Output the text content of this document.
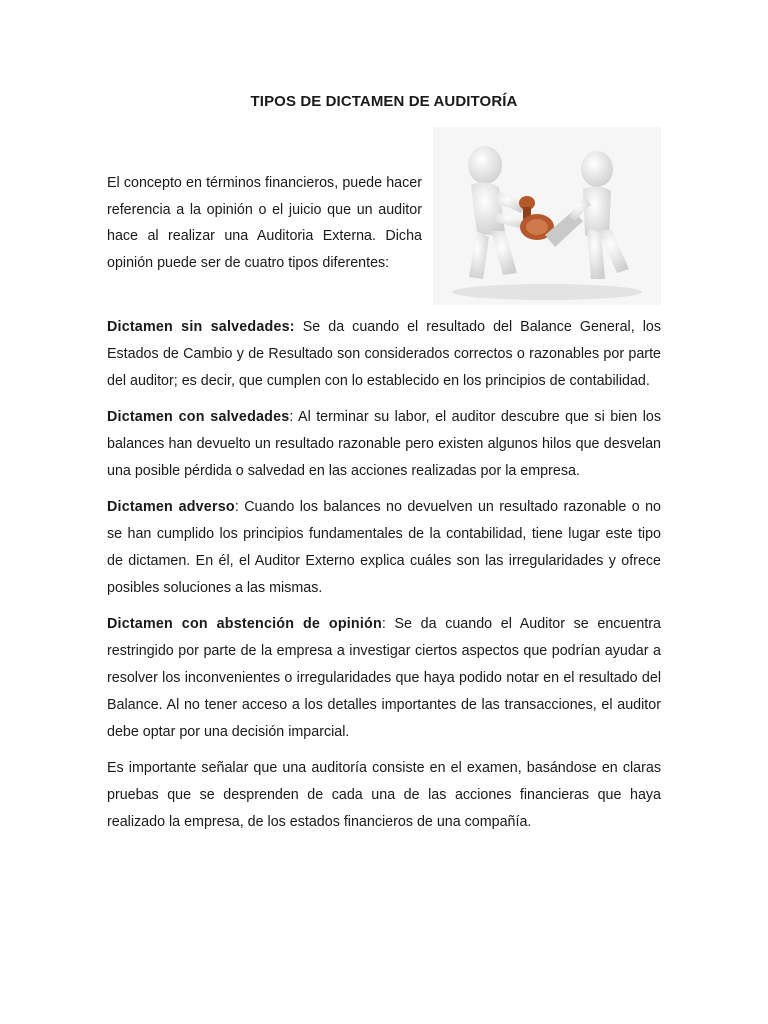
TIPOS DE DICTAMEN DE AUDITORÍA

El concepto en términos financieros, puede hacer referencia a la opinión o el juicio que un auditor hace al realizar una Auditoria Externa. Dicha opinión puede ser de cuatro tipos diferentes:

Dictamen sin salvedades: Se da cuando el resultado del Balance General, los Estados de Cambio y de Resultado son considerados correctos o razonables por parte del auditor; es decir, que cumplen con lo establecido en los principios de contabilidad.

Dictamen con salvedades: Al terminar su labor, el auditor descubre que si bien los balances han devuelto un resultado razonable pero existen algunos hilos que desvelan una posible pérdida o salvedad en las acciones realizadas por la empresa.

Dictamen adverso: Cuando los balances no devuelven un resultado razonable o no se han cumplido los principios fundamentales de la contabilidad, tiene lugar este tipo de dictamen. En él, el Auditor Externo explica cuáles son las irregularidades y ofrece posibles soluciones a las mismas.

Dictamen con abstención de opinión: Se da cuando el Auditor se encuentra restringido por parte de la empresa a investigar ciertos aspectos que podrían ayudar a resolver los inconvenientes o irregularidades que haya podido notar en el resultado del Balance. Al no tener acceso a los detalles importantes de las transacciones, el auditor debe optar por una decisión imparcial.

Es importante señalar que una auditoría consiste en el examen, basándose en claras pruebas que se desprenden de cada una de las acciones financieras que haya realizado la empresa, de los estados financieros de una compañía.
